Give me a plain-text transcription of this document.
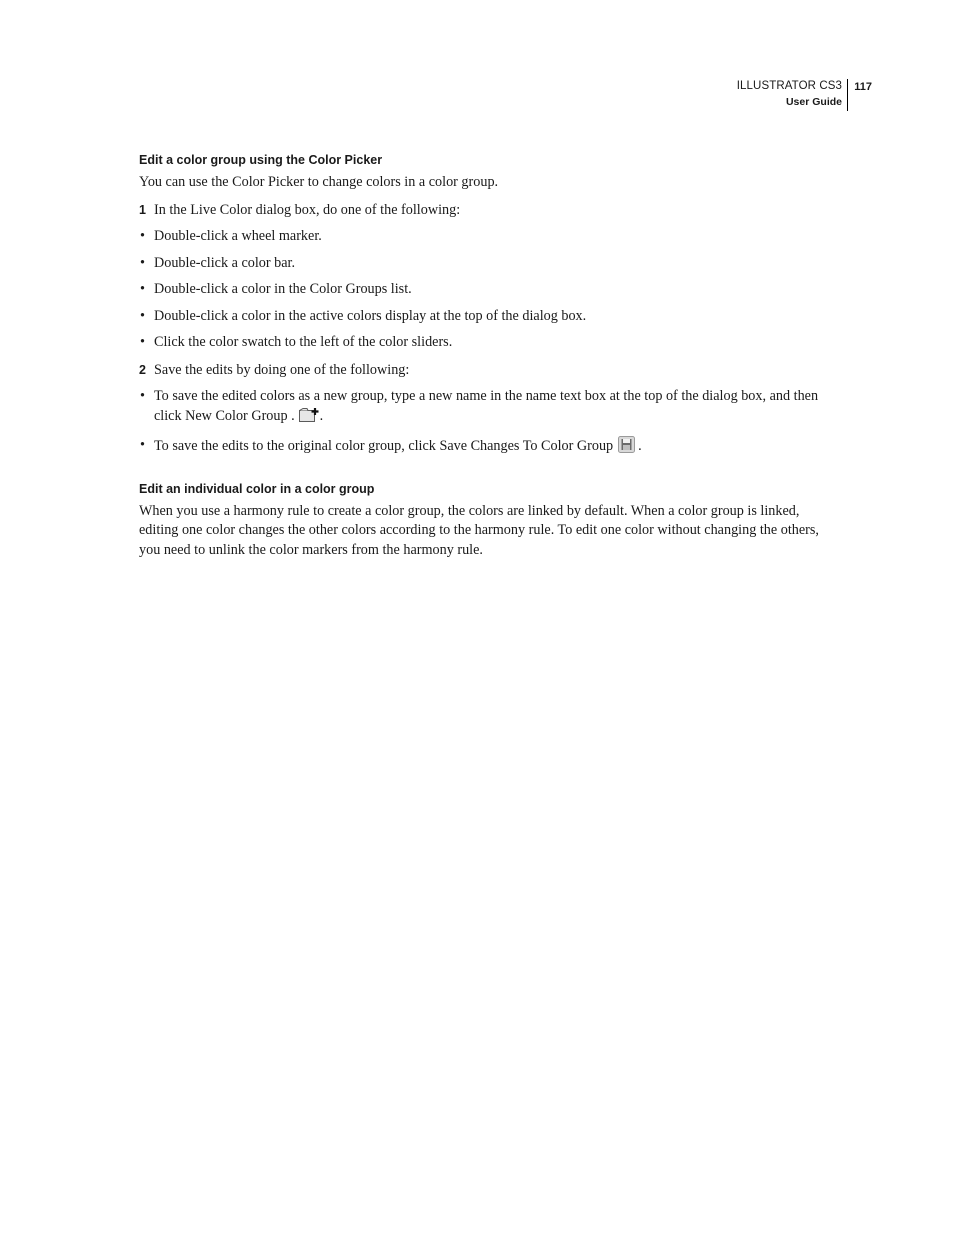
ILLUSTRATOR CS3
User Guide
117
Edit a color group using the Color Picker

You can use the Color Picker to change colors in a color group.

1 In the Live Color dialog box, do one of the following:
• Double-click a wheel marker.
• Double-click a color bar.
• Double-click a color in the Color Groups list.
• Double-click a color in the active colors display at the top of the dialog box.
• Click the color swatch to the left of the color sliders.
2 Save the edits by doing one of the following:
• To save the edited colors as a new group, type a new name in the name text box at the top of the dialog box, and then click New Color Group . .
• To save the edits to the original color group, click Save Changes To Color Group .
Edit an individual color in a color group

When you use a harmony rule to create a color group, the colors are linked by default. When a color group is linked, editing one color changes the other colors according to the harmony rule. To edit one color without changing the others, you need to unlink the color markers from the harmony rule.
